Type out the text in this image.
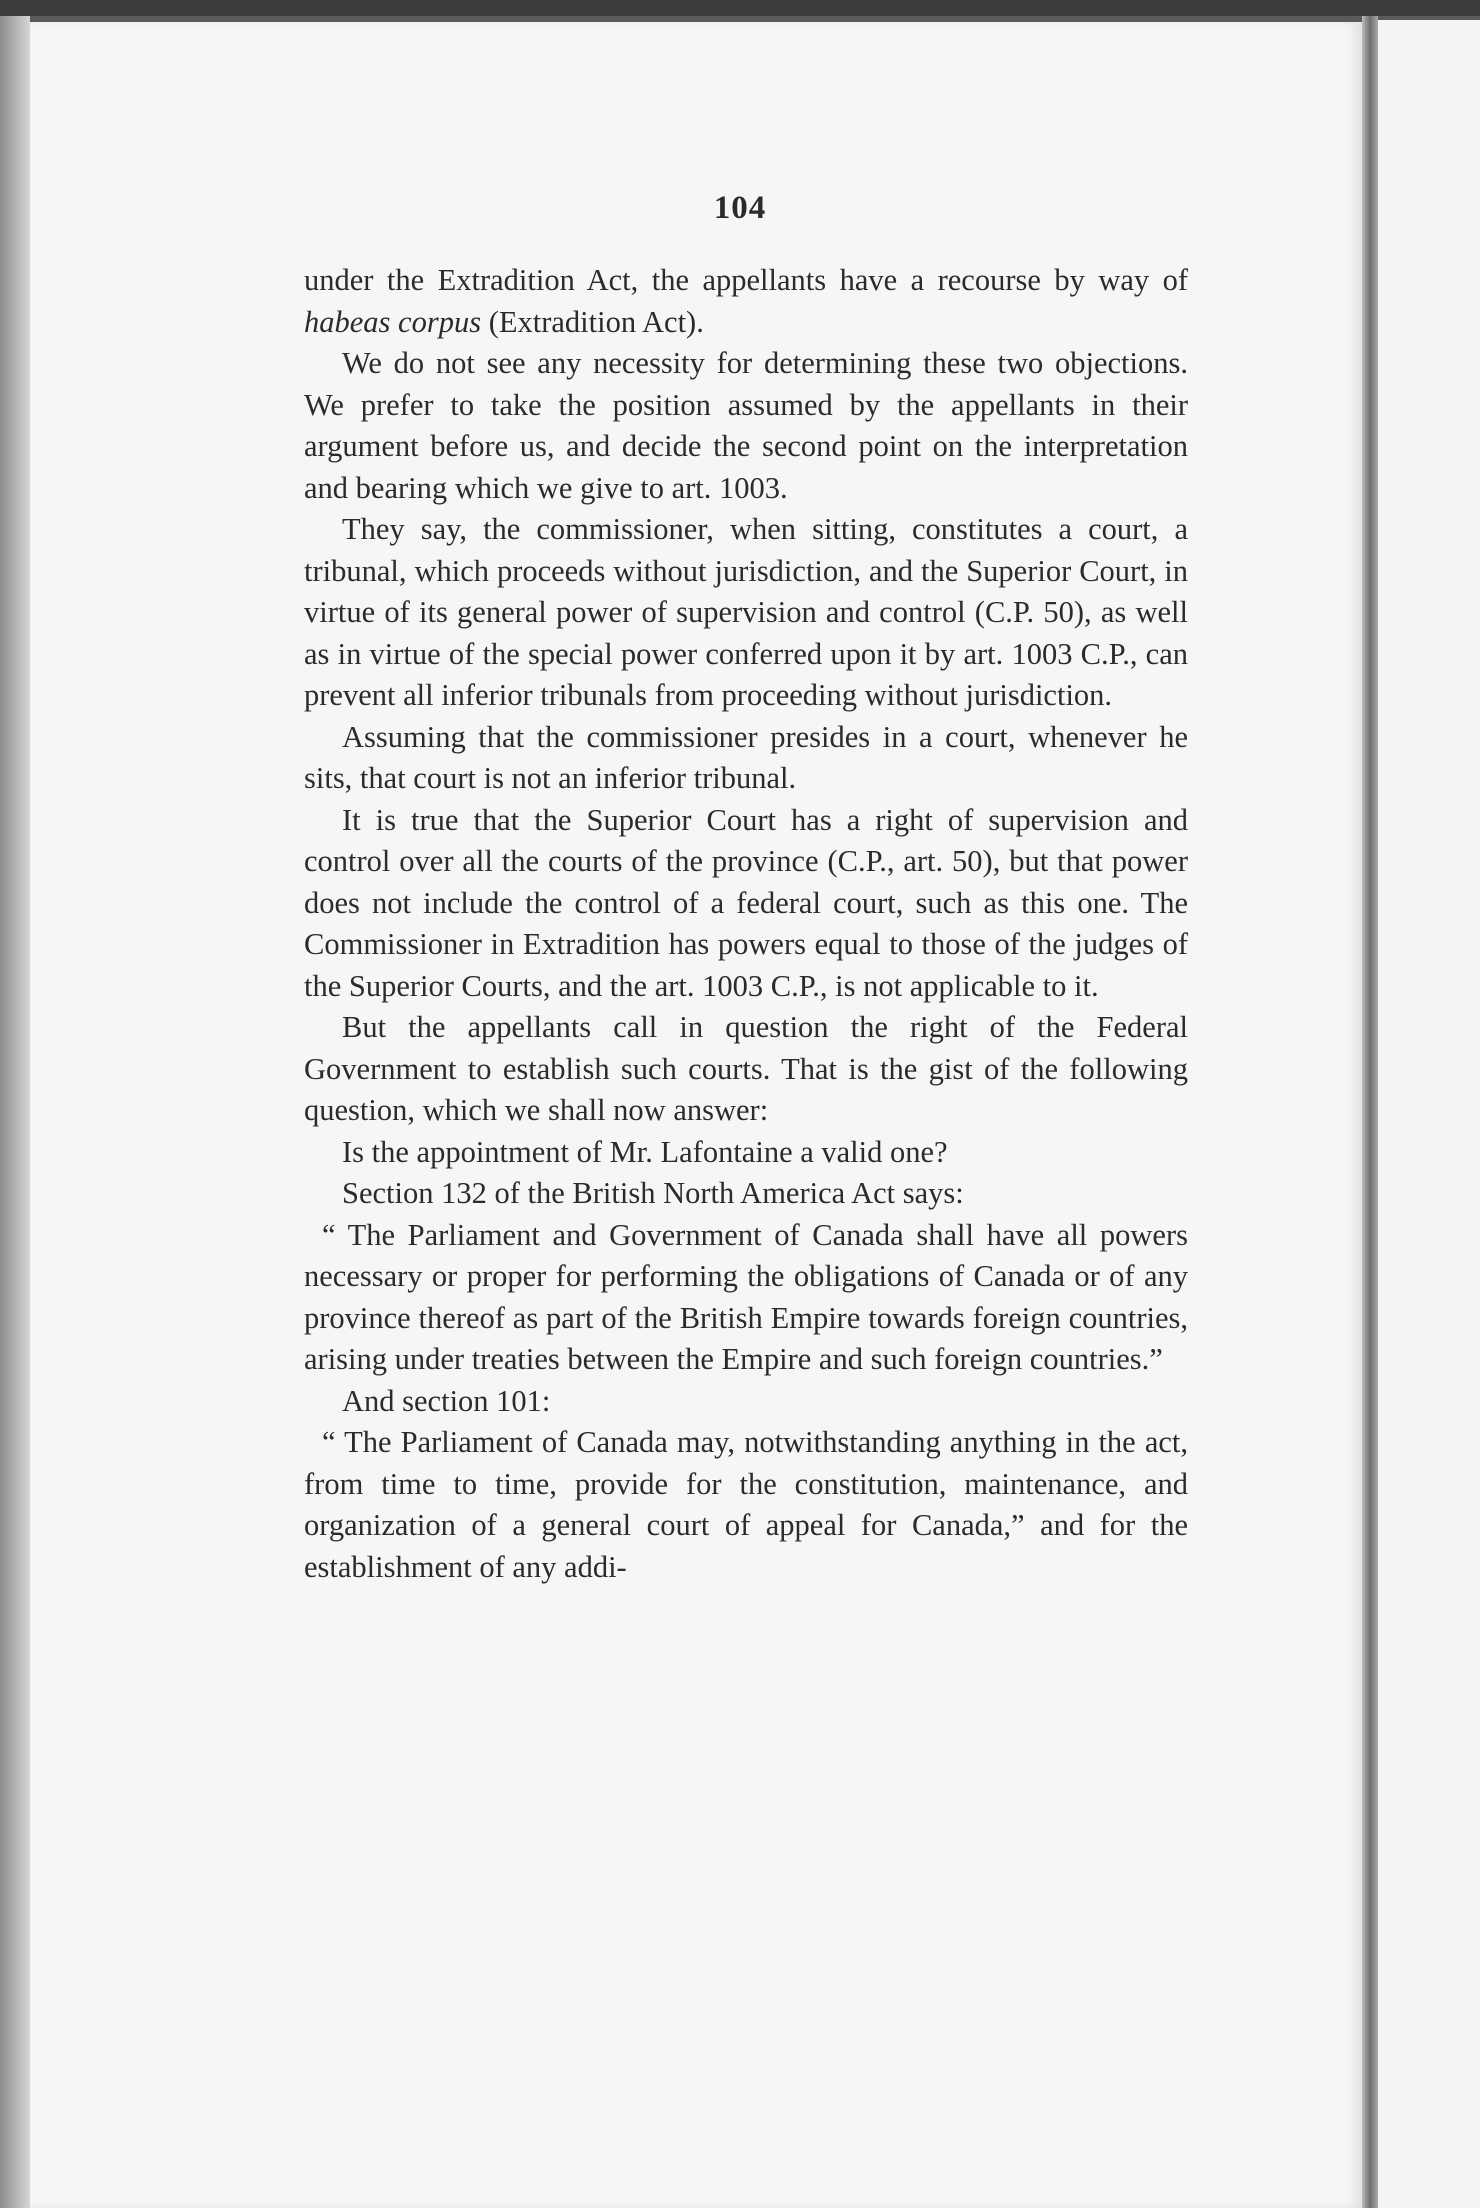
104

under the Extradition Act, the appellants have a recourse by way of habeas corpus (Extradition Act).

We do not see any necessity for determining these two objections. We prefer to take the position assumed by the appellants in their argument before us, and decide the second point on the interpretation and bearing which we give to art. 1003.

They say, the commissioner, when sitting, constitutes a court, a tribunal, which proceeds without jurisdiction, and the Superior Court, in virtue of its general power of supervision and control (C.P. 50), as well as in virtue of the special power conferred upon it by art. 1003 C.P., can prevent all inferior tribunals from proceeding without jurisdiction.

Assuming that the commissioner presides in a court, whenever he sits, that court is not an inferior tribunal.

It is true that the Superior Court has a right of supervision and control over all the courts of the province (C.P., art. 50), but that power does not include the control of a federal court, such as this one. The Commissioner in Extradition has powers equal to those of the judges of the Superior Courts, and the art. 1003 C.P., is not applicable to it.

But the appellants call in question the right of the Federal Government to establish such courts. That is the gist of the following question, which we shall now answer:

Is the appointment of Mr. Lafontaine a valid one?

Section 132 of the British North America Act says:

“ The Parliament and Government of Canada shall have all powers necessary or proper for performing the obligations of Canada or of any province thereof as part of the British Empire towards foreign countries, arising under treaties between the Empire and such foreign countries.”

And section 101:

“ The Parliament of Canada may, notwithstanding anything in the act, from time to time, provide for the constitution, maintenance, and organization of a general court of appeal for Canada,” and for the establishment of any addi-
